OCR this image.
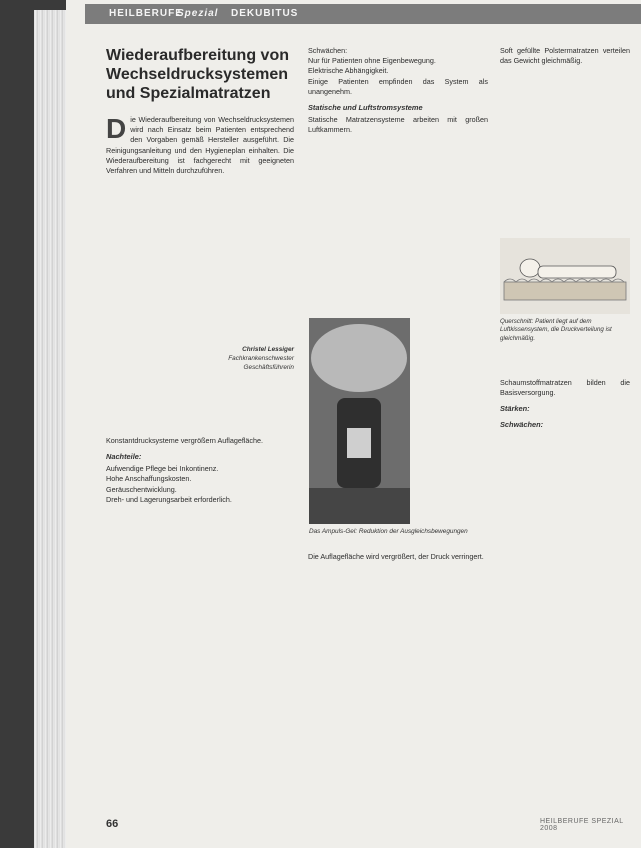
HEILBERUFE
Spezial DEKUBITUS
Wiederaufbereitung von Wechseldrucksystemen und Spezialmatratzen
D ie Wiederaufbereitung von Wechseldrucksystemen wird nach Einsatz beim Patienten entsprechend den Vorgaben gemäß Hersteller ausgeführt. Die Reinigungsanleitung und den Hygieneplan einhalten. Die Wiederaufbereitung ist fachgerecht mit geeigneten Verfahren und Mitteln durchzuführen.

Christel Lessiger
Fachkrankenschwester
Geschäftsführerin

Konstantdrucksysteme vergrößern Auflagefläche.

Nachteile:

Aufwendige Pflege bei Inkontinenz.

Hohe Anschaffungskosten.

Geräuschentwicklung.

Dreh- und Lagerungsarbeit erforderlich.

Schwächen:

Nur für Patienten ohne Eigenbewegung.

Elektrische Abhängigkeit.

Einige Patienten empfinden das System als unangenehm.

Statische und Luftstromsysteme

Statische Matratzensysteme arbeiten mit großen Luftkammern.

Das Ampuls-Gel: Reduktion der Ausgleichsbewegungen

Die Auflagefläche wird vergrößert, der Druck verringert.

Soft gefüllte Polstermatratzen verteilen das Gewicht gleichmäßig.

Querschnitt: Patient liegt auf dem Luftkissensystem, die Druckverteilung ist gleichmäßig.

Schaumstoffmatratzen bilden die Basisversorgung.

Stärken:

Schwächen:

66	HEILBERUFE SPEZIAL 2008
